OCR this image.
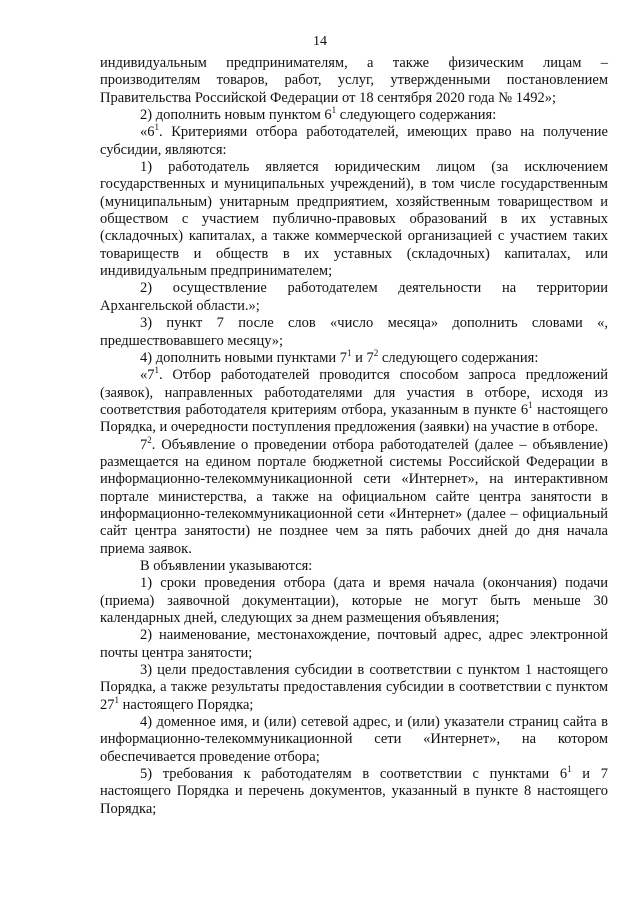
14

индивидуальным предпринимателям, а также физическим лицам – производителям товаров, работ, услуг, утвержденными постановлением Правительства Российской Федерации от 18 сентября 2020 года № 1492»;

2) дополнить новым пунктом $6^1$ следующего содержания:

«$6^1$. Критериями отбора работодателей, имеющих право на получение субсидии, являются:

1) работодатель является юридическим лицом (за исключением государственных и муниципальных учреждений), в том числе государственным (муниципальным) унитарным предприятием, хозяйственным товариществом и обществом с участием публично-правовых образований в их уставных (складочных) капиталах, а также коммерческой организацией с участием таких товариществ и обществ в их уставных (складочных) капиталах, или индивидуальным предпринимателем;

2) осуществление работодателем деятельности на территории Архангельской области.»;

3) пункт 7 после слов «число месяца» дополнить словами «, предшествовавшего месяцу»;

4) дополнить новыми пунктами $7^1$ и $7^2$ следующего содержания:

«$7^1$. Отбор работодателей проводится способом запроса предложений (заявок), направленных работодателями для участия в отборе, исходя из соответствия работодателя критериям отбора, указанным в пункте $6^1$ настоящего Порядка, и очередности поступления предложения (заявки) на участие в отборе.

$7^2$. Объявление о проведении отбора работодателей (далее – объявление) размещается на едином портале бюджетной системы Российской Федерации в информационно-телекоммуникационной сети «Интернет», на интерактивном портале министерства, а также на официальном сайте центра занятости в информационно-телекоммуникационной сети «Интернет» (далее – официальный сайт центра занятости) не позднее чем за пять рабочих дней до дня начала приема заявок.

В объявлении указываются:

1) сроки проведения отбора (дата и время начала (окончания) подачи (приема) заявочной документации), которые не могут быть меньше 30 календарных дней, следующих за днем размещения объявления;

2) наименование, местонахождение, почтовый адрес, адрес электронной почты центра занятости;

3) цели предоставления субсидии в соответствии с пунктом 1 настоящего Порядка, а также результаты предоставления субсидии в соответствии с пунктом $27^1$ настоящего Порядка;

4) доменное имя, и (или) сетевой адрес, и (или) указатели страниц сайта в информационно-телекоммуникационной сети «Интернет», на котором обеспечивается проведение отбора;

5) требования к работодателям в соответствии с пунктами $6^1$ и 7 настоящего Порядка и перечень документов, указанный в пункте 8 настоящего Порядка;
